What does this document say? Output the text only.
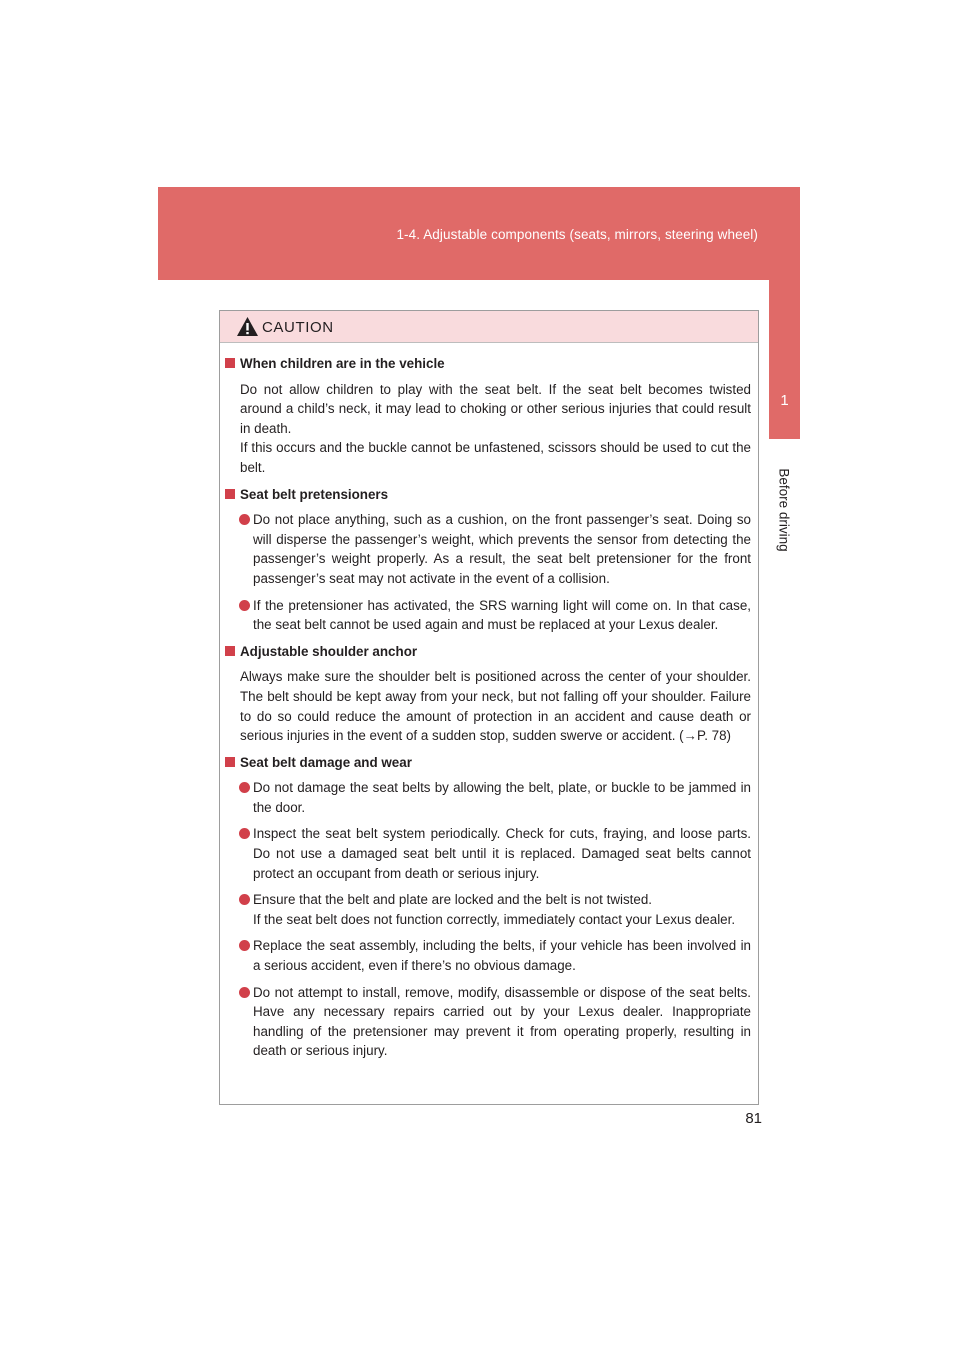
1-4. Adjustable components (seats, mirrors, steering wheel)
1
Before driving
CAUTION
When children are in the vehicle
Do not allow children to play with the seat belt. If the seat belt becomes twisted around a child’s neck, it may lead to choking or other serious injuries that could result in death.
If this occurs and the buckle cannot be unfastened, scissors should be used to cut the belt.
Seat belt pretensioners
Do not place anything, such as a cushion, on the front passenger’s seat. Doing so will disperse the passenger’s weight, which prevents the sensor from detecting the passenger’s weight properly. As a result, the seat belt pretensioner for the front passenger’s seat may not activate in the event of a collision.
If the pretensioner has activated, the SRS warning light will come on. In that case, the seat belt cannot be used again and must be replaced at your Lexus dealer.
Adjustable shoulder anchor
Always make sure the shoulder belt is positioned across the center of your shoulder. The belt should be kept away from your neck, but not falling off your shoulder. Failure to do so could reduce the amount of protection in an accident and cause death or serious injuries in the event of a sudden stop, sudden swerve or accident. (→P. 78)
Seat belt damage and wear
Do not damage the seat belts by allowing the belt, plate, or buckle to be jammed in the door.
Inspect the seat belt system periodically. Check for cuts, fraying, and loose parts. Do not use a damaged seat belt until it is replaced. Damaged seat belts cannot protect an occupant from death or serious injury.
Ensure that the belt and plate are locked and the belt is not twisted.
If the seat belt does not function correctly, immediately contact your Lexus dealer.
Replace the seat assembly, including the belts, if your vehicle has been involved in a serious accident, even if there’s no obvious damage.
Do not attempt to install, remove, modify, disassemble or dispose of the seat belts. Have any necessary repairs carried out by your Lexus dealer. Inappropriate handling of the pretensioner may prevent it from operating properly, resulting in death or serious injury.
81
